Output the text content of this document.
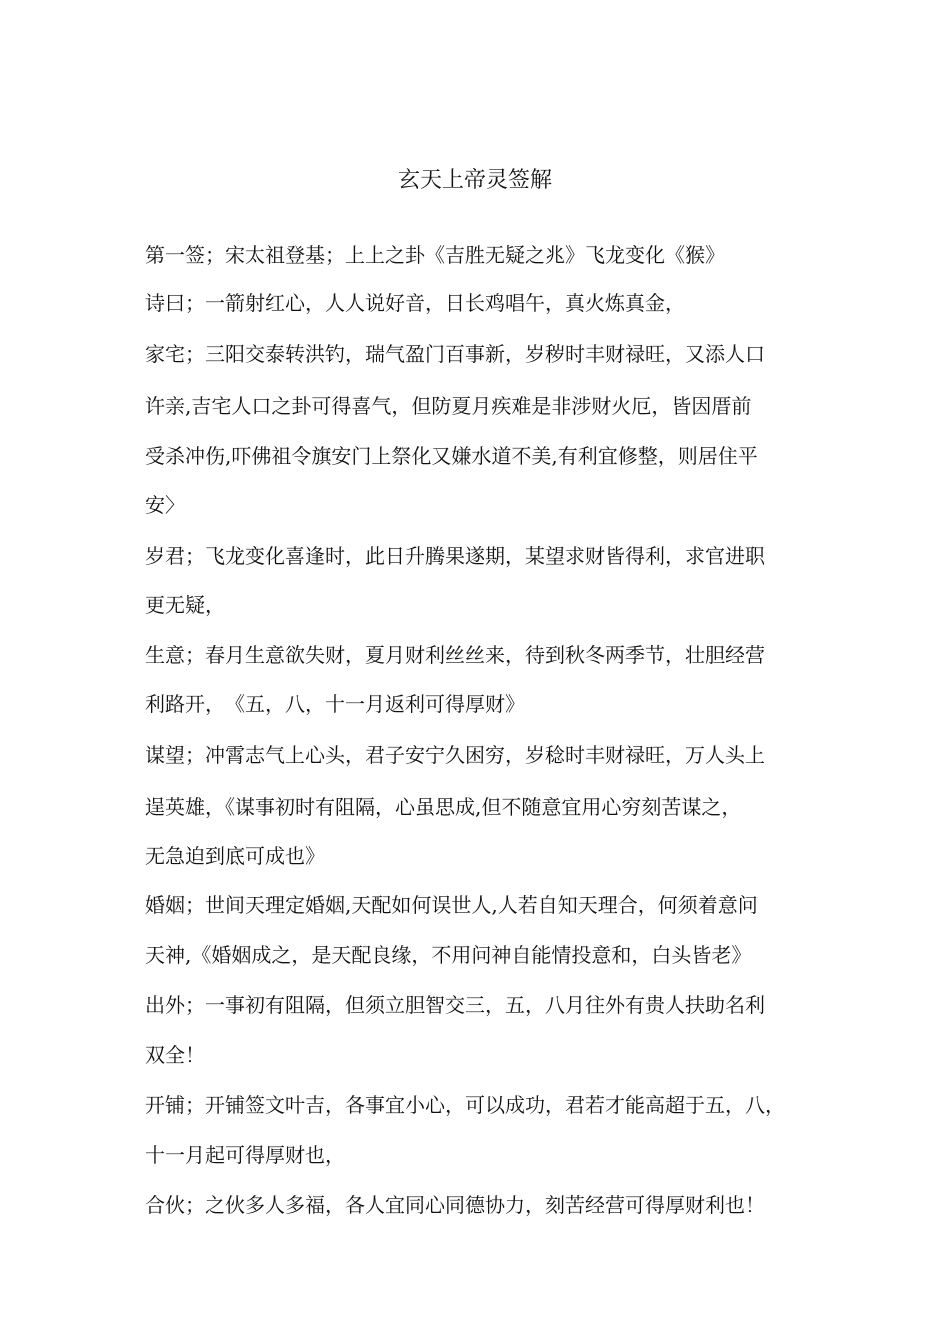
玄天上帝灵签解
第一签；宋太祖登基；上上之卦《吉胜无疑之兆》飞龙变化《猴》
诗曰；一箭射红心，人人说好音，日长鸡唱午，真火炼真金，
家宅；三阳交泰转洪钓，瑞气盈门百事新，岁秽时丰财禄旺，又添人口
许亲,吉宅人口之卦可得喜气，但防夏月疾难是非涉财火厄，皆因厝前
受杀冲伤,吓佛祖令旗安门上祭化又嫌水道不美,有利宜修整，则居住平
安〉
岁君；飞龙变化喜逢时，此日升腾果遂期，某望求财皆得利，求官进职
更无疑，
生意；春月生意欲失财，夏月财利丝丝来，待到秋冬两季节，壮胆经营
利路开，　《五，八，十一月返利可得厚财》
谋望；冲霄志气上心头，君子安宁久困穷，岁稔时丰财禄旺，万人头上
逞英雄，《谋事初时有阻隔，心虽思成,但不随意宜用心穷刻苦谋之，
无急迫到底可成也》
婚姻；世间天理定婚姻,天配如何误世人,人若自知天理合，何须着意问
天神,《婚姻成之，是天配良缘，不用问神自能情投意和，白头皆老》
出外；一事初有阻隔，但须立胆智交三，五，八月往外有贵人扶助名利
双全！
开铺；开铺签文叶吉，各事宜小心，可以成功，君若才能高超于五，八，
十一月起可得厚财也，
合伙；之伙多人多福，各人宜同心同德协力，刻苦经营可得厚财利也！
